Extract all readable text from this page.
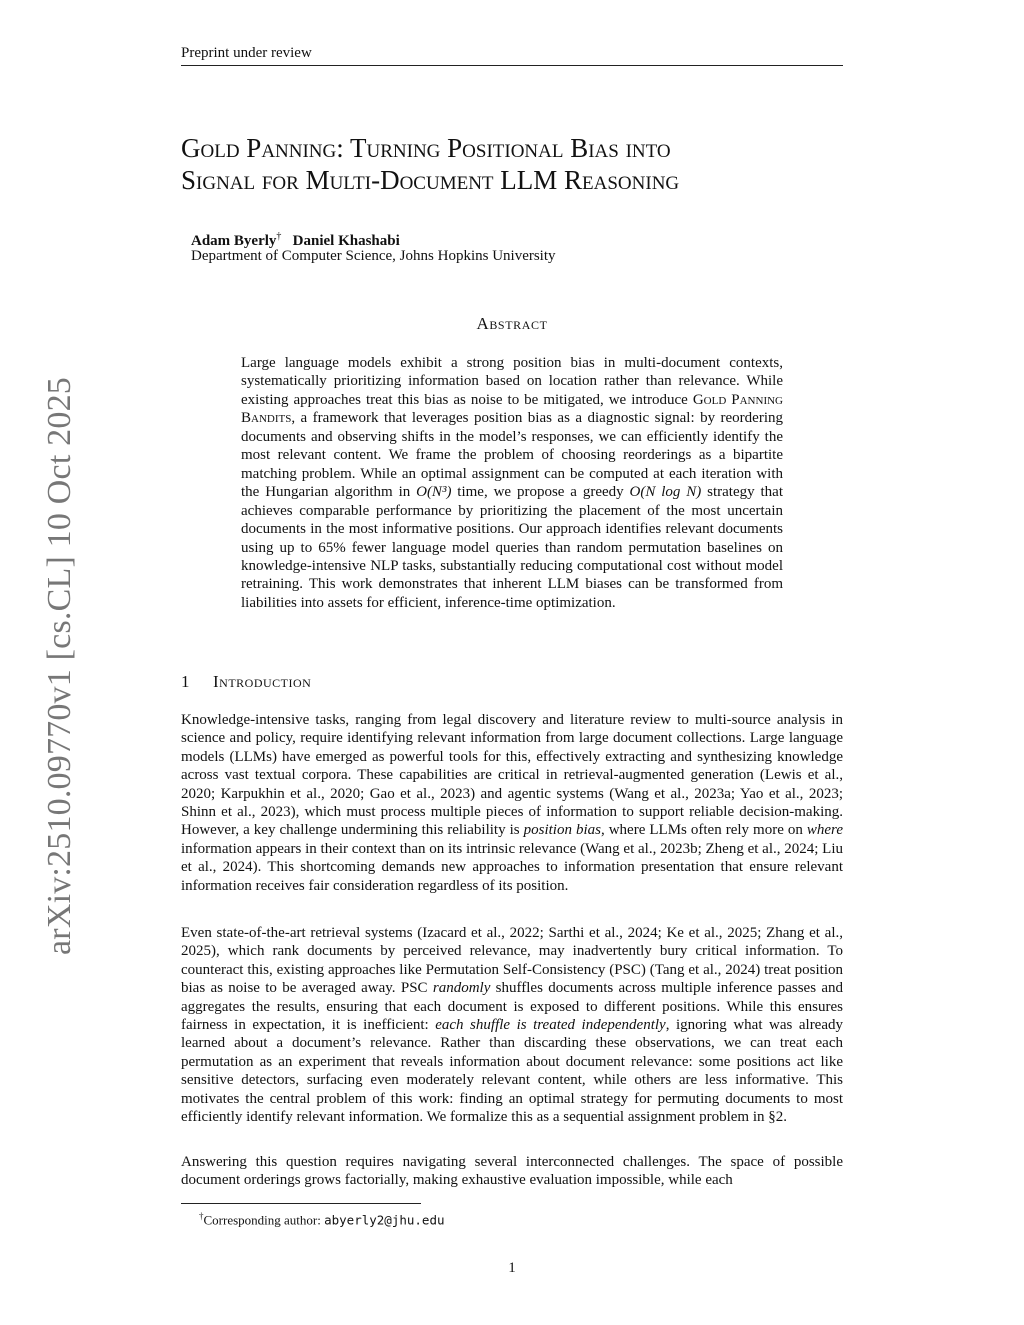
Preprint under review
arXiv:2510.09770v1 [cs.CL] 10 Oct 2025
Gold Panning: Turning Positional Bias into
Signal for Multi-Document LLM Reasoning
Adam Byerly† Daniel Khashabi
Department of Computer Science, Johns Hopkins University
Abstract
Large language models exhibit a strong position bias in multi-document contexts, systematically prioritizing information based on location rather than relevance. While existing approaches treat this bias as noise to be mitigated, we introduce Gold Panning Bandits, a framework that leverages position bias as a diagnostic signal: by reordering documents and observing shifts in the model’s responses, we can efficiently identify the most relevant content. We frame the problem of choosing reorderings as a bipartite matching problem. While an optimal assignment can be computed at each iteration with the Hungarian algorithm in O(N³) time, we propose a greedy O(N log N) strategy that achieves comparable performance by prioritizing the placement of the most uncertain documents in the most informative positions. Our approach identifies relevant documents using up to 65% fewer language model queries than random permutation baselines on knowledge-intensive NLP tasks, substantially reducing computational cost without model retraining. This work demonstrates that inherent LLM biases can be transformed from liabilities into assets for efficient, inference-time optimization.
1 Introduction
Knowledge-intensive tasks, ranging from legal discovery and literature review to multi-source analysis in science and policy, require identifying relevant information from large document collections. Large language models (LLMs) have emerged as powerful tools for this, effectively extracting and synthesizing knowledge across vast textual corpora. These capabilities are critical in retrieval-augmented generation (Lewis et al., 2020; Karpukhin et al., 2020; Gao et al., 2023) and agentic systems (Wang et al., 2023a; Yao et al., 2023; Shinn et al., 2023), which must process multiple pieces of information to support reliable decision-making. However, a key challenge undermining this reliability is position bias, where LLMs often rely more on where information appears in their context than on its intrinsic relevance (Wang et al., 2023b; Zheng et al., 2024; Liu et al., 2024). This shortcoming demands new approaches to information presentation that ensure relevant information receives fair consideration regardless of its position.
Even state-of-the-art retrieval systems (Izacard et al., 2022; Sarthi et al., 2024; Ke et al., 2025; Zhang et al., 2025), which rank documents by perceived relevance, may inadvertently bury critical information. To counteract this, existing approaches like Permutation Self-Consistency (PSC) (Tang et al., 2024) treat position bias as noise to be averaged away. PSC randomly shuffles documents across multiple inference passes and aggregates the results, ensuring that each document is exposed to different positions. While this ensures fairness in expectation, it is inefficient: each shuffle is treated independently, ignoring what was already learned about a document’s relevance. Rather than discarding these observations, we can treat each permutation as an experiment that reveals information about document relevance: some positions act like sensitive detectors, surfacing even moderately relevant content, while others are less informative. This motivates the central problem of this work: finding an optimal strategy for permuting documents to most efficiently identify relevant information. We formalize this as a sequential assignment problem in §2.
Answering this question requires navigating several interconnected challenges. The space of possible document orderings grows factorially, making exhaustive evaluation impossible, while each
†Corresponding author: abyerly2@jhu.edu
1
